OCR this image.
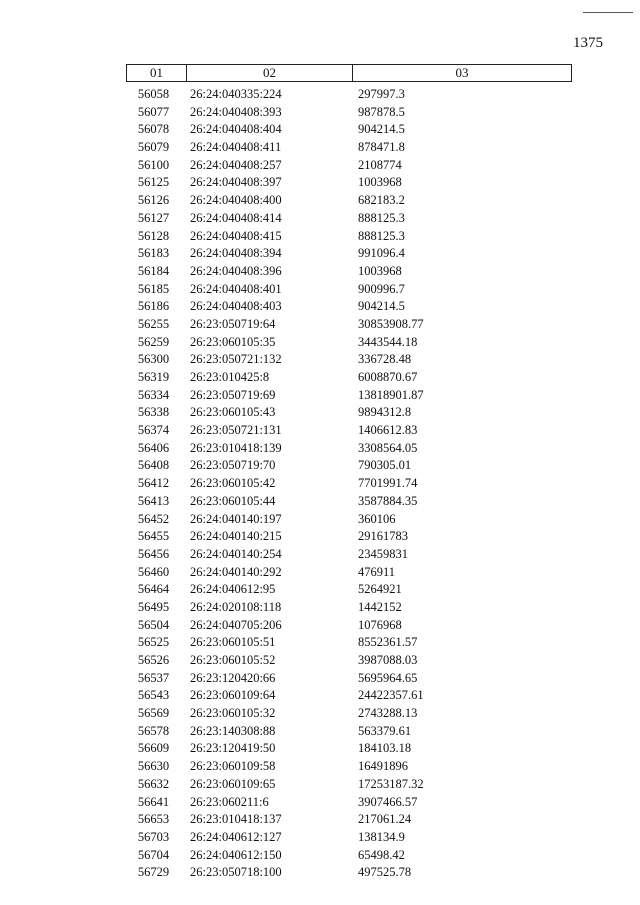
1375
01	02	03
56058	26:24:040335:224	297997.3
56077	26:24:040408:393	987878.5
56078	26:24:040408:404	904214.5
56079	26:24:040408:411	878471.8
56100	26:24:040408:257	2108774
56125	26:24:040408:397	1003968
56126	26:24:040408:400	682183.2
56127	26:24:040408:414	888125.3
56128	26:24:040408:415	888125.3
56183	26:24:040408:394	991096.4
56184	26:24:040408:396	1003968
56185	26:24:040408:401	900996.7
56186	26:24:040408:403	904214.5
56255	26:23:050719:64	30853908.77
56259	26:23:060105:35	3443544.18
56300	26:23:050721:132	336728.48
56319	26:23:010425:8	6008870.67
56334	26:23:050719:69	13818901.87
56338	26:23:060105:43	9894312.8
56374	26:23:050721:131	1406612.83
56406	26:23:010418:139	3308564.05
56408	26:23:050719:70	790305.01
56412	26:23:060105:42	7701991.74
56413	26:23:060105:44	3587884.35
56452	26:24:040140:197	360106
56455	26:24:040140:215	29161783
56456	26:24:040140:254	23459831
56460	26:24:040140:292	476911
56464	26:24:040612:95	5264921
56495	26:24:020108:118	1442152
56504	26:24:040705:206	1076968
56525	26:23:060105:51	8552361.57
56526	26:23:060105:52	3987088.03
56537	26:23:120420:66	5695964.65
56543	26:23:060109:64	24422357.61
56569	26:23:060105:32	2743288.13
56578	26:23:140308:88	563379.61
56609	26:23:120419:50	184103.18
56630	26:23:060109:58	16491896
56632	26:23:060109:65	17253187.32
56641	26:23:060211:6	3907466.57
56653	26:23:010418:137	217061.24
56703	26:24:040612:127	138134.9
56704	26:24:040612:150	65498.42
56729	26:23:050718:100	497525.78
